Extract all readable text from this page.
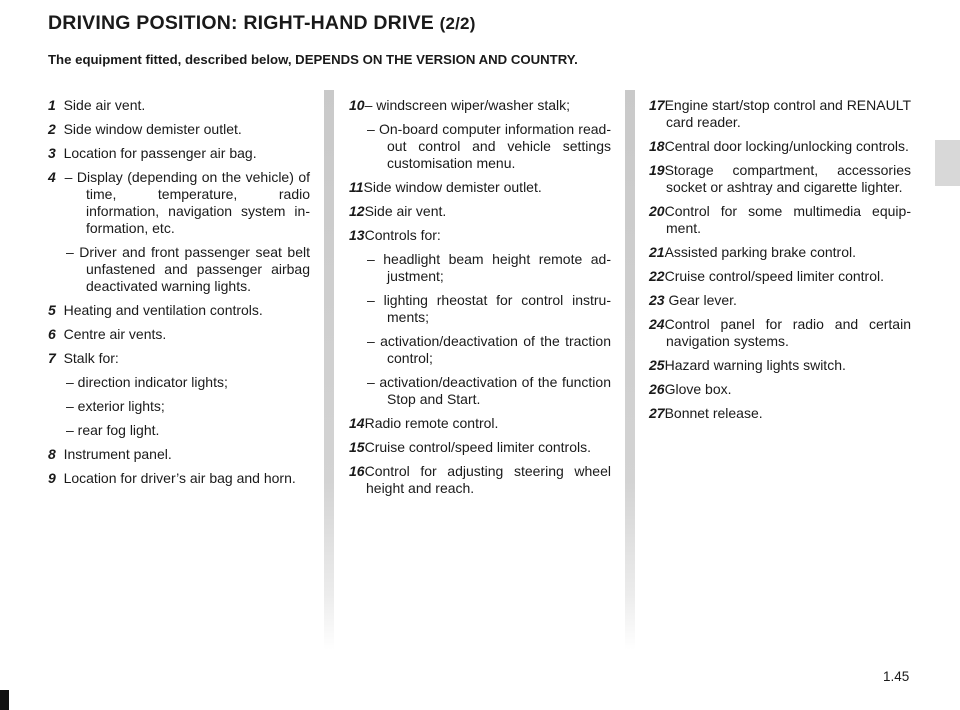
DRIVING POSITION: RIGHT-HAND DRIVE (2/2)
The equipment fitted, described below, DEPENDS ON THE VERSION AND COUNTRY.

1 Side air vent.

2 Side window demister outlet.

3 Location for passenger air bag.

4 – Display (depending on the vehicle) of time, temperature, radio information, navigation system information, etc.

– Driver and front passenger seat belt unfastened and passenger airbag deactivated warning lights.

5 Heating and ventilation controls.

6 Centre air vents.

7 Stalk for:

– direction indicator lights;

– exterior lights;

– rear fog light.

8 Instrument panel.

9 Location for driver’s air bag and horn.

10– windscreen wiper/washer stalk;

– On-board computer information read-out control and vehicle settings customisation menu.

11Side window demister outlet.

12Side air vent.

13Controls for:

– headlight beam height remote adjustment;

– lighting rheostat for control instruments;

– activation/deactivation of the traction control;

– activation/deactivation of the function Stop and Start.

14Radio remote control.

15Cruise control/speed limiter controls.

16Control for adjusting steering wheel height and reach.

17Engine start/stop control and RENAULT card reader.

18Central door locking/unlocking controls.

19Storage compartment, accessories socket or ashtray and cigarette lighter.

20Control for some multimedia equipment.

21Assisted parking brake control.

22Cruise control/speed limiter control.

23 Gear lever.

24Control panel for radio and certain navigation systems.

25Hazard warning lights switch.

26Glove box.

27Bonnet release.

1.45
